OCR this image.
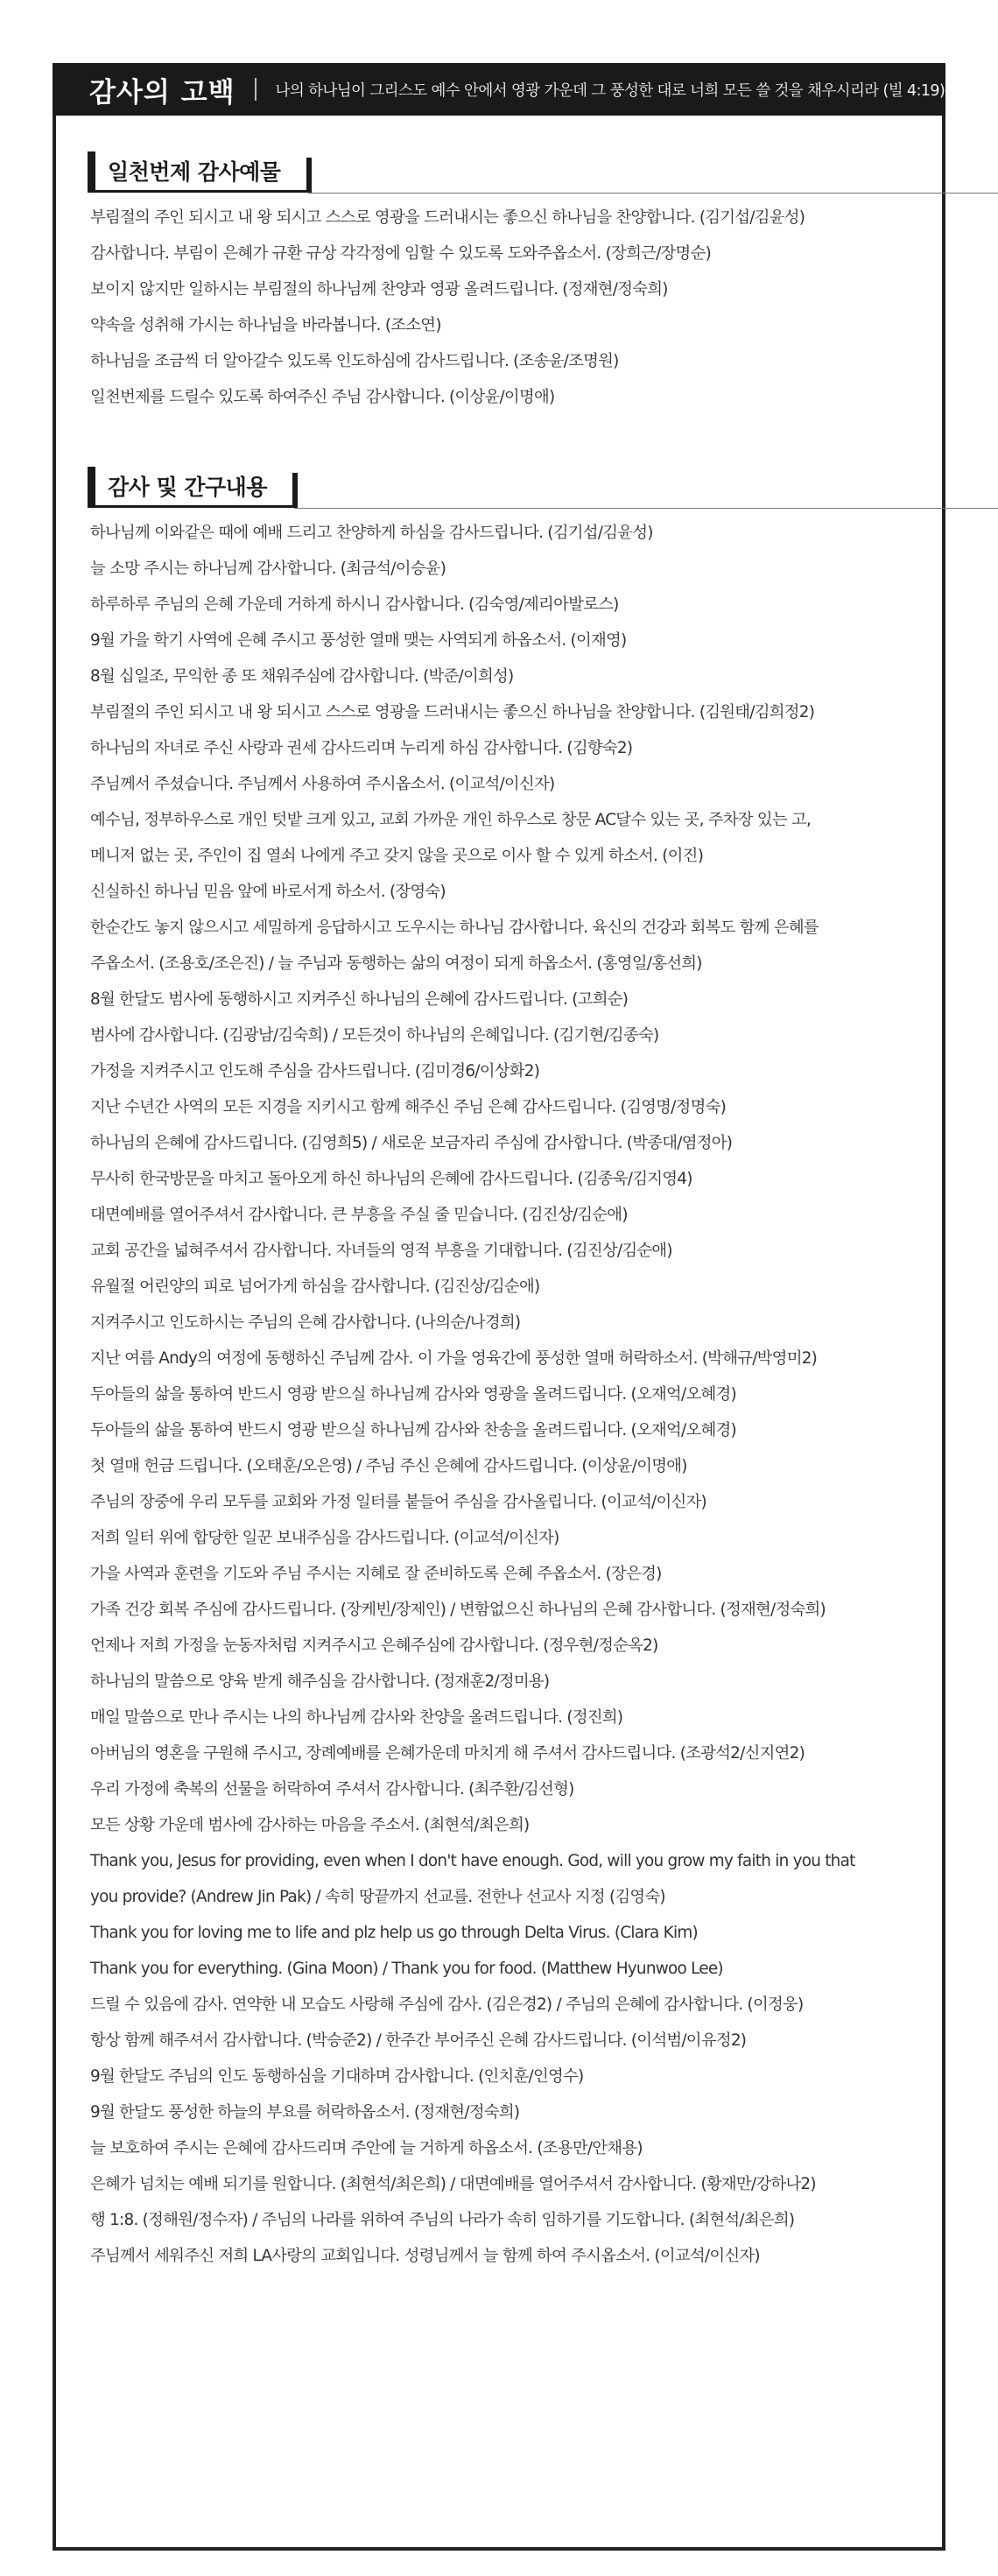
감사의 고백	나의 하나님이 그리스도 예수 안에서 영광 가운데 그 풍성한 대로 너희 모든 쓸 것을 채우시리라 (빌 4:19)
일천번제 감사예물
부림절의 주인 되시고 내 왕 되시고 스스로 영광을 드러내시는 좋으신 하나님을 찬양합니다. (김기섭/김윤성)
감사합니다. 부림이 은혜가 규환 규상 각각정에 임할 수 있도록 도와주옵소서. (장희근/장명순)
보이지 않지만 일하시는 부림절의 하나님께 찬양과 영광 올려드립니다. (정재현/정숙희)
약속을 성취해 가시는 하나님을 바라봅니다. (조소연)
하나님을 조금씩 더 알아갈수 있도록 인도하심에 감사드립니다. (조송윤/조명원)
일천번제를 드릴수 있도록 하여주신 주님 감사합니다. (이상윤/이명애)
감사 및 간구내용
하나님께 이와같은 때에 예배 드리고 찬양하게 하심을 감사드립니다. (김기섭/김윤성)
늘 소망 주시는 하나님께 감사합니다. (최금석/이승윤)
하루하루 주님의 은혜 가운데 거하게 하시니 감사합니다. (김숙영/제리아발로스)
9월 가을 학기 사역에 은혜 주시고 풍성한 열매 맺는 사역되게 하옵소서. (이재영)
8월 십일조, 무익한 종 또 채워주심에 감사합니다. (박준/이희성)
부림절의 주인 되시고 내 왕 되시고 스스로 영광을 드러내시는 좋으신 하나님을 찬양합니다. (김원태/김희정2)
하나님의 자녀로 주신 사랑과 권세 감사드리며 누리게 하심 감사합니다. (김향숙2)
주님께서 주셨습니다. 주님께서 사용하여 주시옵소서. (이교석/이신자)
예수님, 정부하우스로 개인 텃밭 크게 있고, 교회 가까운 개인 하우스로 창문 AC달수 있는 곳, 주차장 있는 고,
메니저 없는 곳, 주인이 집 열쇠 나에게 주고 갖지 않을 곳으로 이사 할 수 있게 하소서. (이진)
신실하신 하나님 믿음 앞에 바로서게 하소서. (장영숙)
한순간도 놓지 않으시고 세밀하게 응답하시고 도우시는 하나님 감사합니다. 육신의 건강과 회복도 함께 은혜를
주옵소서. (조용호/조은진) / 늘 주님과 동행하는 삶의 여정이 되게 하옵소서. (홍영일/홍선희)
8월 한달도 범사에 동행하시고 지켜주신 하나님의 은혜에 감사드립니다. (고희순)
범사에 감사합니다. (김광남/김숙희) / 모든것이 하나님의 은혜입니다. (김기현/김종숙)
가정을 지켜주시고 인도해 주심을 감사드립니다. (김미경6/이상화2)
지난 수년간 사역의 모든 지경을 지키시고 함께 해주신 주님 은혜 감사드립니다. (김영명/정명숙)
하나님의 은혜에 감사드립니다. (김영희5) / 새로운 보금자리 주심에 감사합니다. (박종대/염정아)
무사히 한국방문을 마치고 돌아오게 하신 하나님의 은혜에 감사드립니다. (김종욱/김지영4)
대면예배를 열어주셔서 감사합니다. 큰 부흥을 주실 줄 믿습니다. (김진상/김순애)
교회 공간을 넓혀주셔서 감사합니다. 자녀들의 영적 부흥을 기대합니다. (김진상/김순애)
유월절 어린양의 피로 넘어가게 하심을 감사합니다. (김진상/김순애)
지켜주시고 인도하시는 주님의 은혜 감사합니다. (나의순/나경희)
지난 여름 Andy의 여정에 동행하신 주님께 감사. 이 가을 영육간에 풍성한 열매 허락하소서. (박해규/박영미2)
두아들의 삶을 통하여 반드시 영광 받으실 하나님께 감사와 영광을 올려드립니다. (오재억/오혜경)
두아들의 삶을 통하여 반드시 영광 받으실 하나님께 감사와 찬송을 올려드립니다. (오재억/오혜경)
첫 열매 헌금 드립니다. (오태훈/오은영) / 주님 주신 은혜에 감사드립니다. (이상윤/이명애)
주님의 장중에 우리 모두를 교회와 가정 일터를 붙들어 주심을 감사올립니다. (이교석/이신자)
저희 일터 위에 합당한 일꾼 보내주심을 감사드립니다. (이교석/이신자)
가을 사역과 훈련을 기도와 주님 주시는 지혜로 잘 준비하도록 은혜 주옵소서. (장은경)
가족 건강 회복 주심에 감사드립니다. (장케빈/장제인) / 변함없으신 하나님의 은혜 감사합니다. (정재현/정숙희)
언제나 저희 가정을 눈동자처럼 지켜주시고 은혜주심에 감사합니다. (정우현/정순옥2)
하나님의 말씀으로 양육 받게 해주심을 감사합니다. (정재훈2/정미용)
매일 말씀으로 만나 주시는 나의 하나님께 감사와 찬양을 올려드립니다. (정진희)
아버님의 영혼을 구원해 주시고, 장례예배를 은혜가운데 마치게 해 주셔서 감사드립니다. (조광석2/신지연2)
우리 가정에 축복의 선물을 허락하여 주셔서 감사합니다. (최주환/김선형)
모든 상황 가운데 범사에 감사하는 마음을 주소서. (최현석/최은희)
Thank you, Jesus for providing, even when I don't have enough. God, will you grow my faith in you that
you provide? (Andrew Jin Pak) / 속히 땅끝까지 선교를. 전한나 선교사 지정 (김영숙)
Thank you for loving me to life and plz help us go through Delta Virus. (Clara Kim)
Thank you for everything. (Gina Moon) / Thank you for food. (Matthew Hyunwoo Lee)
드릴 수 있음에 감사. 연약한 내 모습도 사랑해 주심에 감사. (김은경2) / 주님의 은혜에 감사합니다. (이정웅)
항상 함께 해주셔서 감사합니다. (박승준2) / 한주간 부어주신 은혜 감사드립니다. (이석범/이유정2)
9월 한달도 주님의 인도 동행하심을 기대하며 감사합니다. (인치훈/인영수)
9월 한달도 풍성한 하늘의 부요를 허락하옵소서. (정재현/정숙희)
늘 보호하여 주시는 은혜에 감사드리며 주안에 늘 거하게 하옵소서. (조용만/안채용)
은혜가 넘치는 예배 되기를 원합니다. (최현석/최은희) / 대면예배를 열어주셔서 감사합니다. (황재만/강하나2)
행 1:8. (정해원/정수자) / 주님의 나라를 위하여 주님의 나라가 속히 임하기를 기도합니다. (최현석/최은희)
주님께서 세워주신 저희 LA사랑의 교회입니다. 성령님께서 늘 함께 하여 주시옵소서. (이교석/이신자)
